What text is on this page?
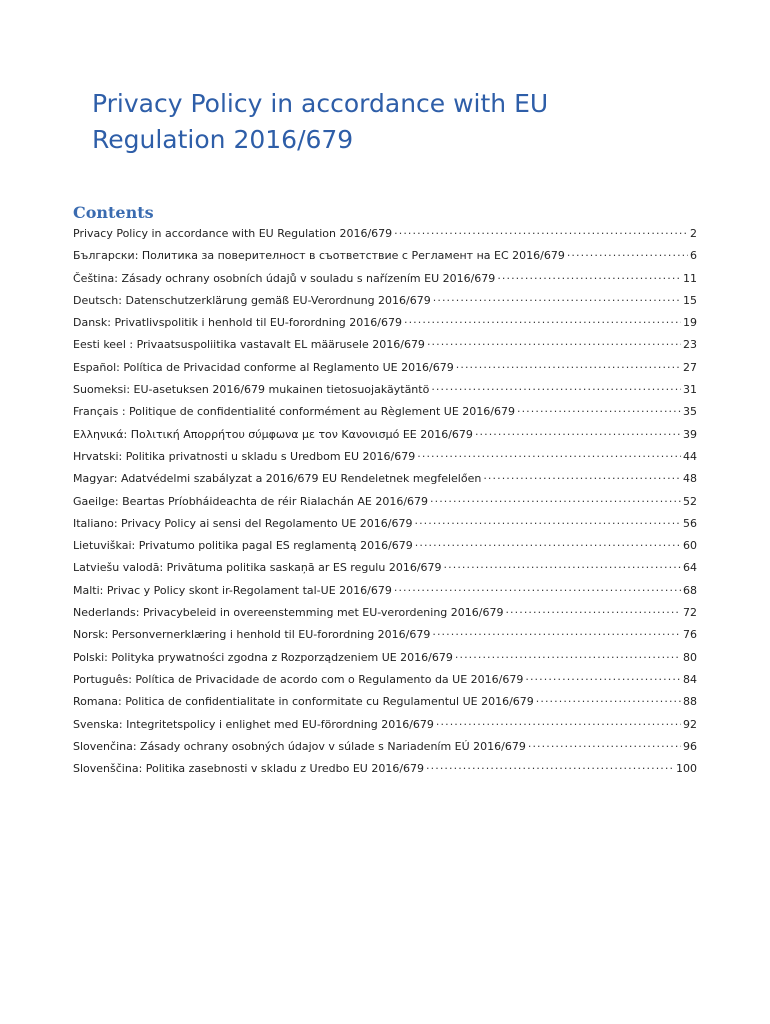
Privacy Policy in accordance with EU Regulation 2016/679
Contents
Privacy Policy in accordance with EU Regulation 2016/679 . . .	2
Български: Политика за поверителност в съответствие с Регламент на ЕС 2016/679 . . .	6
Čeština: Zásady ochrany osobních údajů v souladu s nařízením EU 2016/679 . . .	11
Deutsch: Datenschutzerklärung gemäß EU-Verordnung 2016/679 . . .	15
Dansk: Privatlivspolitik i henhold til EU-forordning 2016/679 . . .	19
Eesti keel : Privaatsuspoliitika vastavalt EL määrusele 2016/679 . . .	23
Español: Política de Privacidad conforme al Reglamento UE 2016/679 . . .	27
Suomeksi: EU-asetuksen 2016/679 mukainen tietosuojakäytäntö . . .	31
Français : Politique de confidentialité conformément au Règlement UE 2016/679 . . .	35
Ελληνικά: Πολιτική Απορρήτου σύμφωνα με τον Κανονισμό ΕΕ 2016/679 . . .	39
Hrvatski: Politika privatnosti u skladu s Uredbom EU 2016/679 . . .	44
Magyar: Adatvédelmi szabályzat a 2016/679 EU Rendeletnek megfelelően . . .	48
Gaeilge: Beartas Príobháideachta de réir Rialachán AE 2016/679 . . .	52
Italiano: Privacy Policy ai sensi del Regolamento UE 2016/679 . . .	56
Lietuviškai: Privatumo politika pagal ES reglamentą 2016/679 . . .	60
Latviešu valodā: Privātuma politika saskaņā ar ES regulu 2016/679 . . .	64
Malti: Privac y Policy skont ir-Regolament tal-UE 2016/679 . . .	68
Nederlands: Privacybeleid in overeenstemming met EU-verordening 2016/679 . . .	72
Norsk: Personvernerklæring i henhold til EU-forordning 2016/679 . . .	76
Polski: Polityka prywatności zgodna z Rozporządzeniem UE 2016/679 . . .	80
Português: Política de Privacidade de acordo com o Regulamento da UE 2016/679 . . .	84
Romana: Politica de confidentialitate in conformitate cu Regulamentul UE 2016/679 . . .	88
Svenska: Integritetspolicy i enlighet med EU-förordning 2016/679 . . .	92
Slovenčina: Zásady ochrany osobných údajov v súlade s Nariadením EÚ 2016/679 . . .	96
Slovenščina: Politika zasebnosti v skladu z Uredbo EU 2016/679 . . .	100
